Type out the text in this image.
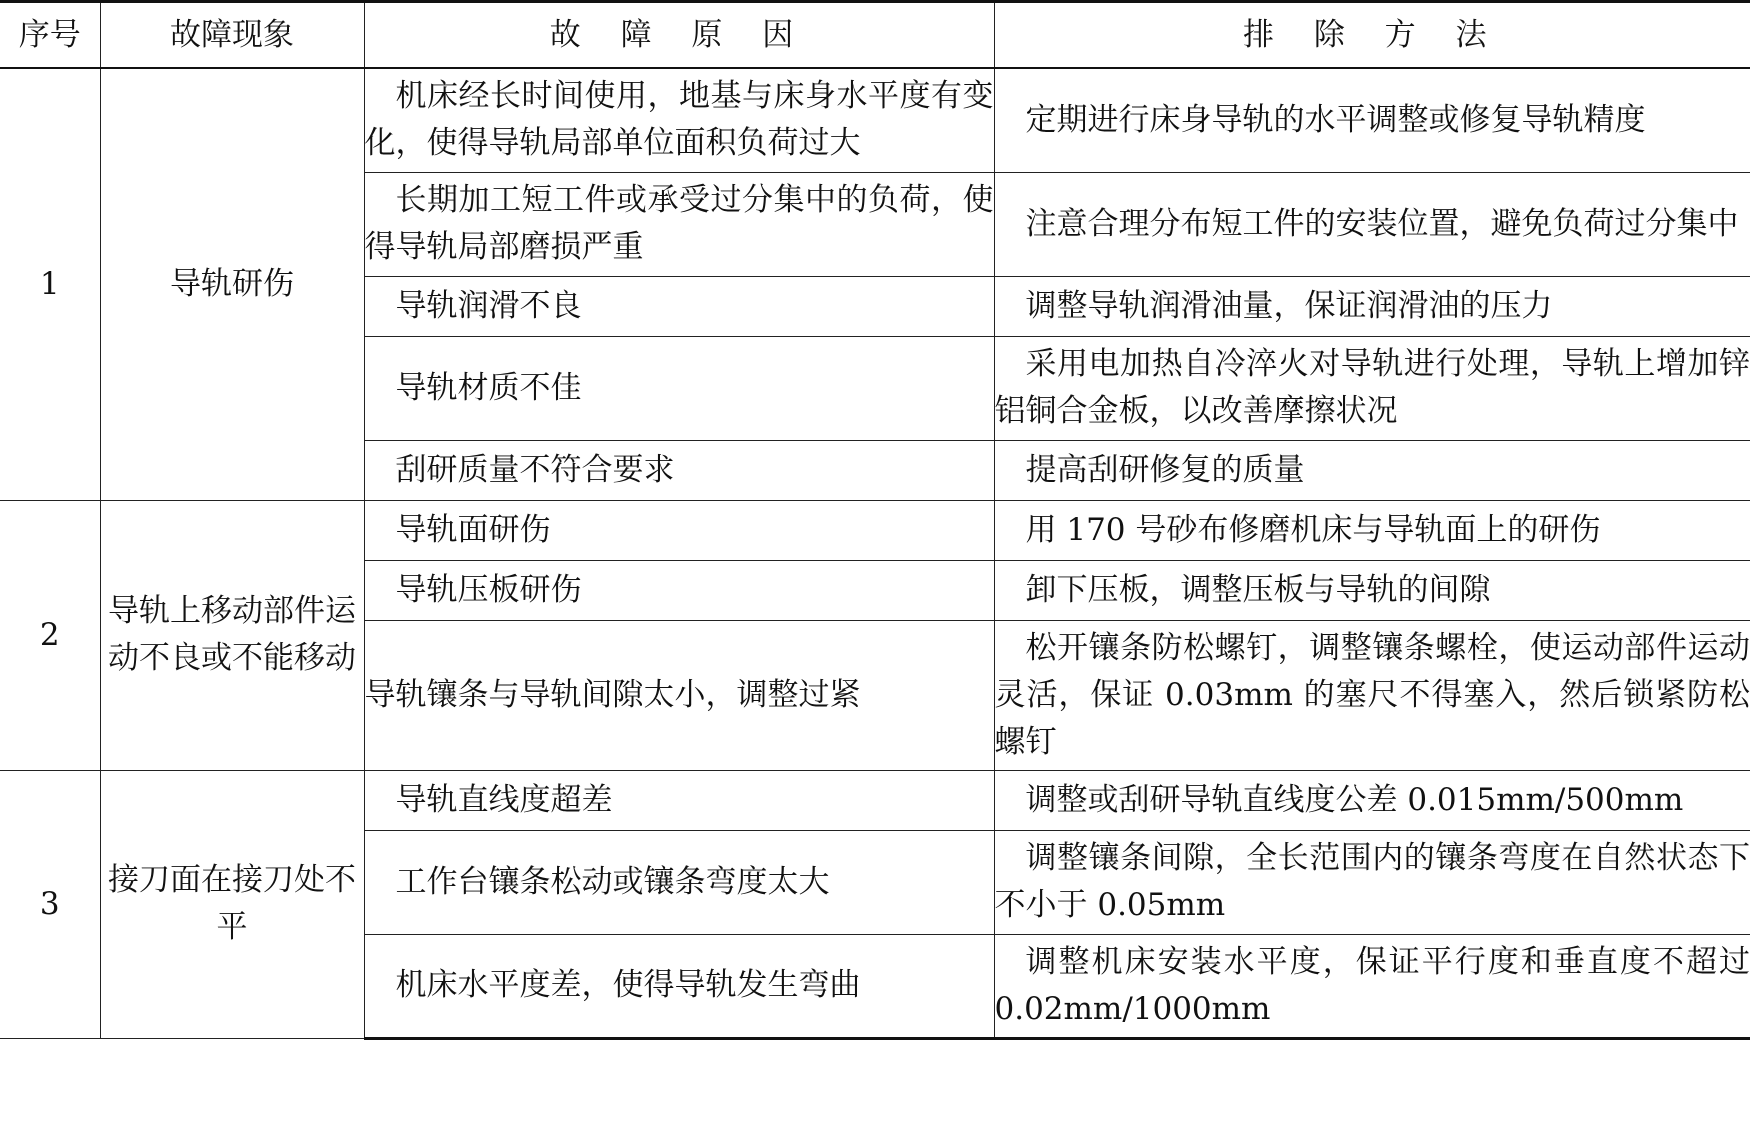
序号	故障现象	故 障 原 因	排 除 方 法
1	导轨研伤	机床经长时间使用，地基与床身水平度有变化，使得导轨局部单位面积负荷过大	定期进行床身导轨的水平调整或修复导轨精度
		长期加工短工件或承受过分集中的负荷，使得导轨局部磨损严重	注意合理分布短工件的安装位置，避免负荷过分集中
		导轨润滑不良	调整导轨润滑油量，保证润滑油的压力
		导轨材质不佳	采用电加热自冷淬火对导轨进行处理，导轨上增加锌铝铜合金板，以改善摩擦状况
		刮研质量不符合要求	提高刮研修复的质量
2	导轨上移动部件运动不良或不能移动	导轨面研伤	用 170 号砂布修磨机床与导轨面上的研伤
		导轨压板研伤	卸下压板，调整压板与导轨的间隙
		导轨镶条与导轨间隙太小，调整过紧	松开镶条防松螺钉，调整镶条螺栓，使运动部件运动灵活，保证 0.03mm 的塞尺不得塞入，然后锁紧防松螺钉
3	接刀面在接刀处不平	导轨直线度超差	调整或刮研导轨直线度公差 0.015mm/500mm
		工作台镶条松动或镶条弯度太大	调整镶条间隙，全长范围内的镶条弯度在自然状态下不小于 0.05mm
		机床水平度差，使得导轨发生弯曲	调整机床安装水平度，保证平行度和垂直度不超过 0.02mm/1000mm
